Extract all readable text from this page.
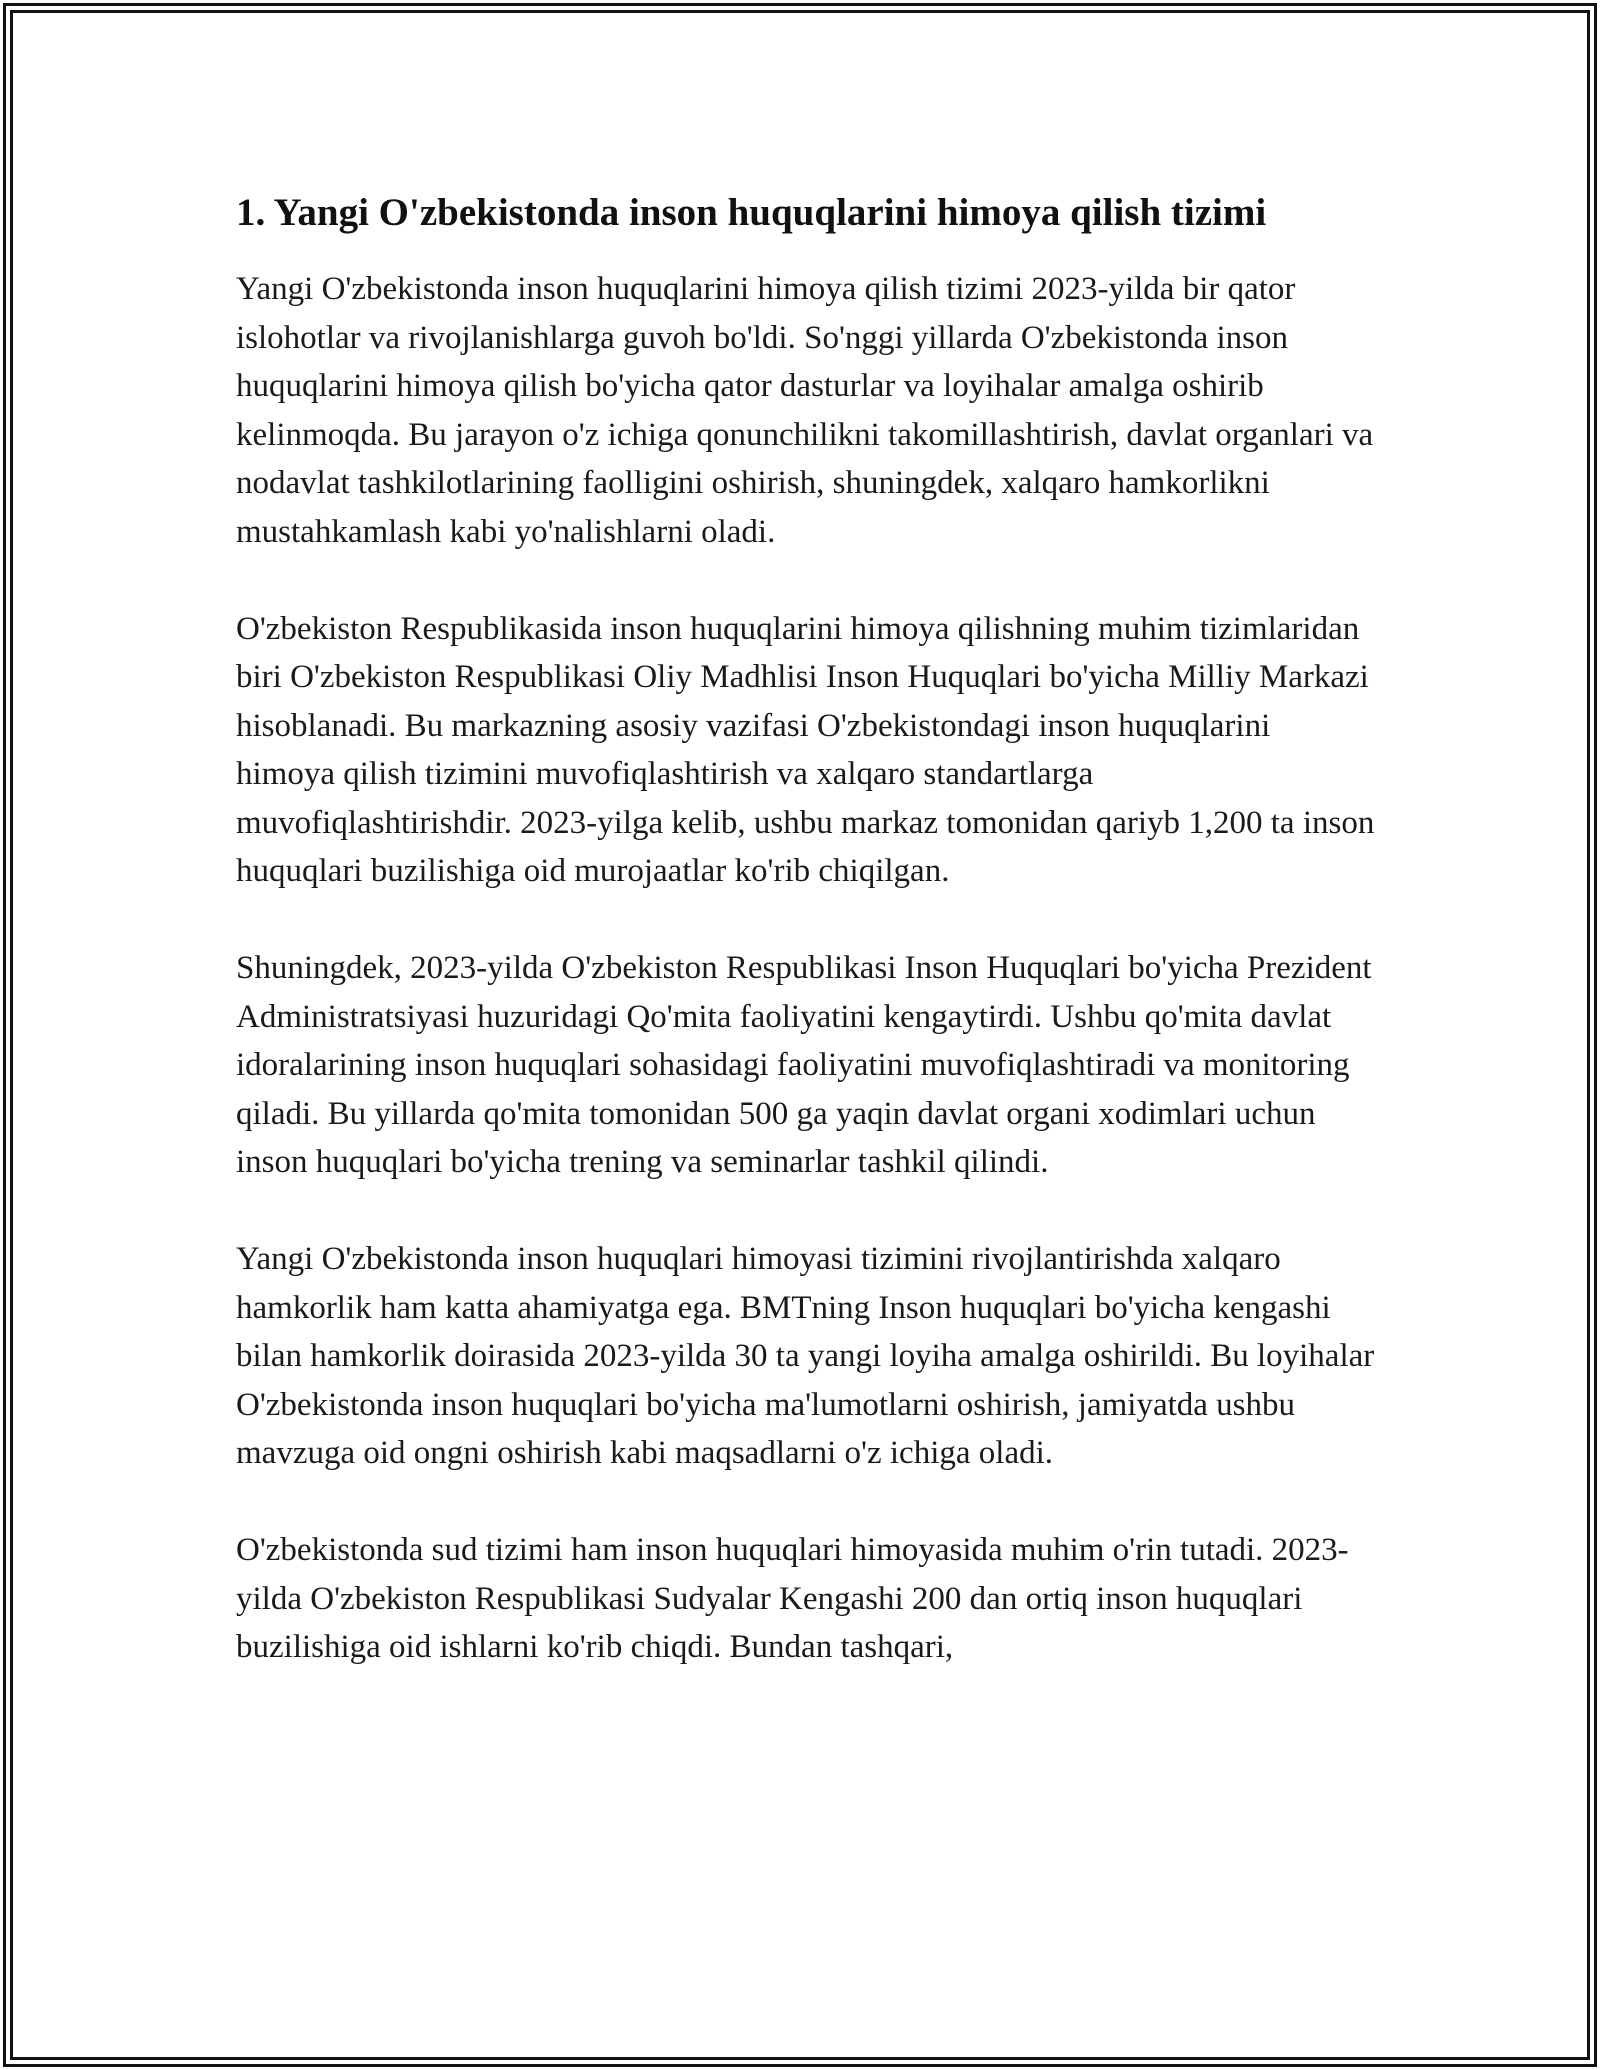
1. Yangi O'zbekistonda inson huquqlarini himoya qilish tizimi

Yangi O'zbekistonda inson huquqlarini himoya qilish tizimi 2023-yilda bir qator islohotlar va rivojlanishlarga guvoh bo'ldi. So'nggi yillarda O'zbekistonda inson huquqlarini himoya qilish bo'yicha qator dasturlar va loyihalar amalga oshirib kelinmoqda. Bu jarayon o'z ichiga qonunchilikni takomillashtirish, davlat organlari va nodavlat tashkilotlarining faolligini oshirish, shuningdek, xalqaro hamkorlikni mustahkamlash kabi yo'nalishlarni oladi.

O'zbekiston Respublikasida inson huquqlarini himoya qilishning muhim tizimlaridan biri O'zbekiston Respublikasi Oliy Madhlisi Inson Huquqlari bo'yicha Milliy Markazi hisoblanadi. Bu markazning asosiy vazifasi O'zbekistondagi inson huquqlarini himoya qilish tizimini muvofiqlashtirish va xalqaro standartlarga muvofiqlashtirishdir. 2023-yilga kelib, ushbu markaz tomonidan qariyb 1,200 ta inson huquqlari buzilishiga oid murojaatlar ko'rib chiqilgan.

Shuningdek, 2023-yilda O'zbekiston Respublikasi Inson Huquqlari bo'yicha Prezident Administratsiyasi huzuridagi Qo'mita faoliyatini kengaytirdi. Ushbu qo'mita davlat idoralarining inson huquqlari sohasidagi faoliyatini muvofiqlashtiradi va monitoring qiladi. Bu yillarda qo'mita tomonidan 500 ga yaqin davlat organi xodimlari uchun inson huquqlari bo'yicha trening va seminarlar tashkil qilindi.

Yangi O'zbekistonda inson huquqlari himoyasi tizimini rivojlantirishda xalqaro hamkorlik ham katta ahamiyatga ega. BMTning Inson huquqlari bo'yicha kengashi bilan hamkorlik doirasida 2023-yilda 30 ta yangi loyiha amalga oshirildi. Bu loyihalar O'zbekistonda inson huquqlari bo'yicha ma'lumotlarni oshirish, jamiyatda ushbu mavzuga oid ongni oshirish kabi maqsadlarni o'z ichiga oladi.

O'zbekistonda sud tizimi ham inson huquqlari himoyasida muhim o'rin tutadi. 2023-yilda O'zbekiston Respublikasi Sudyalar Kengashi 200 dan ortiq inson huquqlari buzilishiga oid ishlarni ko'rib chiqdi. Bundan tashqari,
